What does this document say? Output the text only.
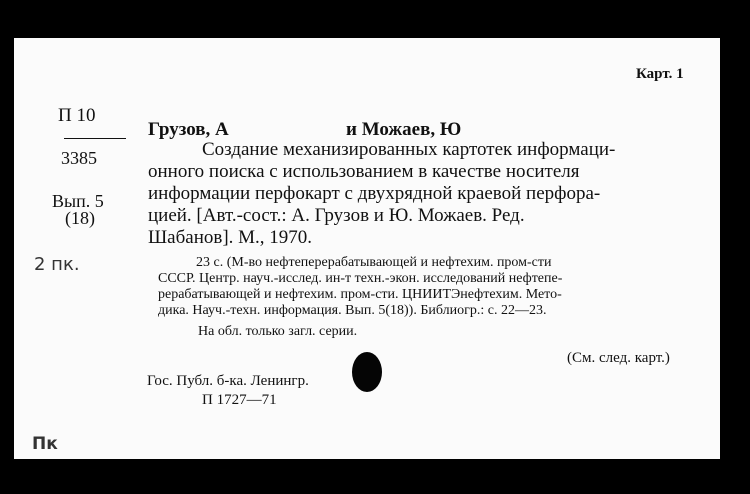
Карт. 1
П 10
3385
Вып. 5
(18)
2 пк.
Грузов, А	и Можаев, Ю
Создание механизированных картотек информаци-
онного поиска с использованием в качестве носителя
информации перфокарт с двухрядной краевой перфора-
цией. [Авт.-сост.: А. Грузов и Ю. Можаев. Ред.
Шабанов]. М., 1970.
23 с. (М-во нефтеперерабатывающей и нефтехим. пром-сти
СССР. Центр. науч.-исслед. ин-т техн.-экон. исследований нефтепе-
рерабатывающей и нефтехим. пром-сти. ЦНИИТЭнефтехим. Мето-
дика. Науч.-техн. информация. Вып. 5(18)). Библиогр.: с. 22—23.
На обл. только загл. серии.
(См. след. карт.)
Гос. Публ. б-ка. Ленингр.
П 1727—71
Пк
